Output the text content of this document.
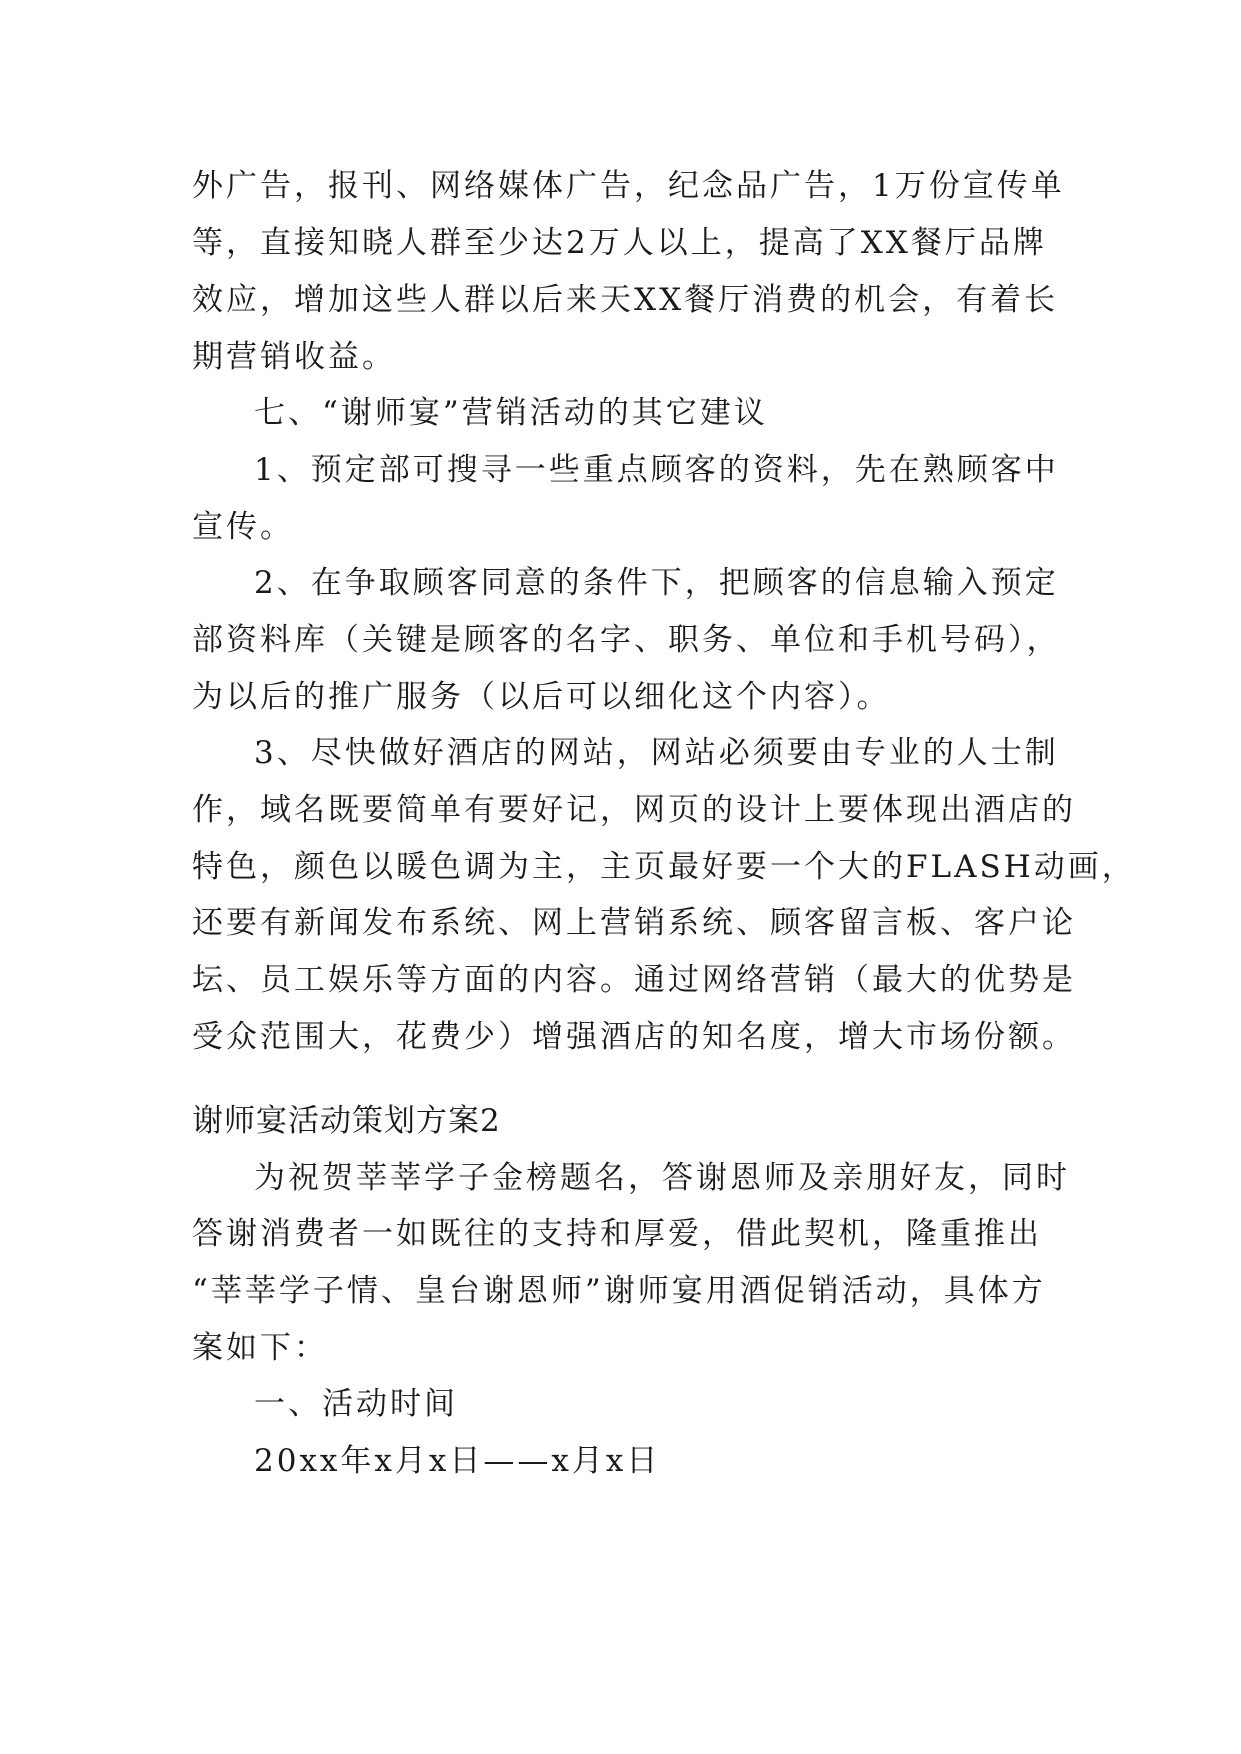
外广告，报刊、网络媒体广告，纪念品广告，1万份宣传单
等，直接知晓人群至少达2万人以上，提高了XX餐厅品牌
效应，增加这些人群以后来天XX餐厅消费的机会，有着长
期营销收益。
七、“谢师宴”营销活动的其它建议
1、预定部可搜寻一些重点顾客的资料，先在熟顾客中
宣传。
2、在争取顾客同意的条件下，把顾客的信息输入预定
部资料库（关键是顾客的名字、职务、单位和手机号码），
为以后的推广服务（以后可以细化这个内容）。
3、尽快做好酒店的网站，网站必须要由专业的人士制
作，域名既要简单有要好记，网页的设计上要体现出酒店的
特色，颜色以暖色调为主，主页最好要一个大的FLASH动画，
还要有新闻发布系统、网上营销系统、顾客留言板、客户论
坛、员工娱乐等方面的内容。通过网络营销（最大的优势是
受众范围大，花费少）增强酒店的知名度，增大市场份额。
谢师宴活动策划方案2
为祝贺莘莘学子金榜题名，答谢恩师及亲朋好友，同时
答谢消费者一如既往的支持和厚爱，借此契机，隆重推出
“莘莘学子情、皇台谢恩师”谢师宴用酒促销活动，具体方
案如下：
一、活动时间
20xx年x月x日——x月x日
